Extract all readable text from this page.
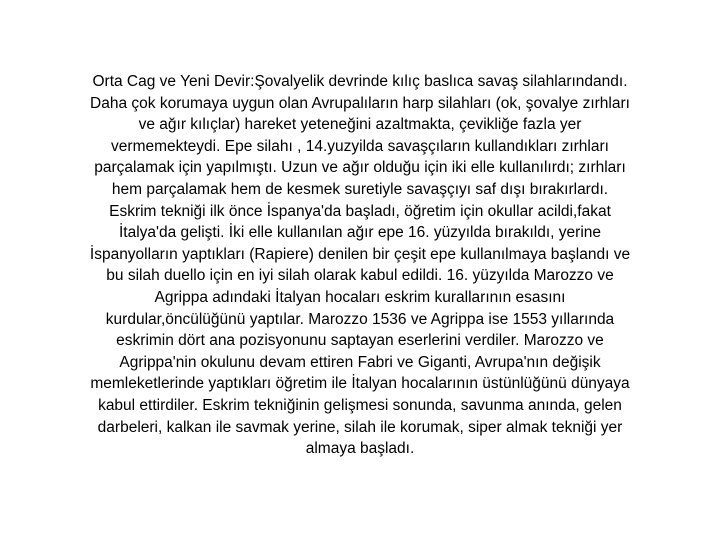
Orta Cag ve Yeni Devir:Şovalyelik devrinde kılıç baslıca savaş silahlarındandı.
Daha çok korumaya uygun olan Avrupalıların harp silahları (ok, şovalye zırhları
ve ağır kılıçlar) hareket yeteneğini azaltmakta, çevikliğe fazla yer
vermemekteydi. Epe silahı , 14.yuzyilda savaşçıların kullandıkları zırhları
parçalamak için yapılmıştı. Uzun ve ağır olduğu için iki elle kullanılırdı; zırhları
hem parçalamak hem de kesmek suretiyle savaşçıyı saf dışı bırakırlardı.
Eskrim tekniği ilk önce İspanya'da başladı, öğretim için okullar acildi,fakat
İtalya'da gelişti. İki elle kullanılan ağır epe 16. yüzyılda bırakıldı, yerine
İspanyolların yaptıkları (Rapiere) denilen bir çeşit epe kullanılmaya başlandı ve
bu silah duello için en iyi silah olarak kabul edildi. 16. yüzyılda Marozzo ve
Agrippa adındaki İtalyan hocaları eskrim kurallarının esasını
kurdular,öncülüğünü yaptılar. Marozzo 1536 ve Agrippa ise 1553 yıllarında
eskrimin dört ana pozisyonunu saptayan eserlerini verdiler. Marozzo ve
Agrippa'nin okulunu devam ettiren Fabri ve Giganti, Avrupa'nın değişik
memleketlerinde yaptıkları öğretim ile İtalyan hocalarının üstünlüğünü dünyaya
kabul ettirdiler. Eskrim tekniğinin gelişmesi sonunda, savunma anında, gelen
darbeleri, kalkan ile savmak yerine, silah ile korumak, siper almak tekniği yer
almaya başladı.
